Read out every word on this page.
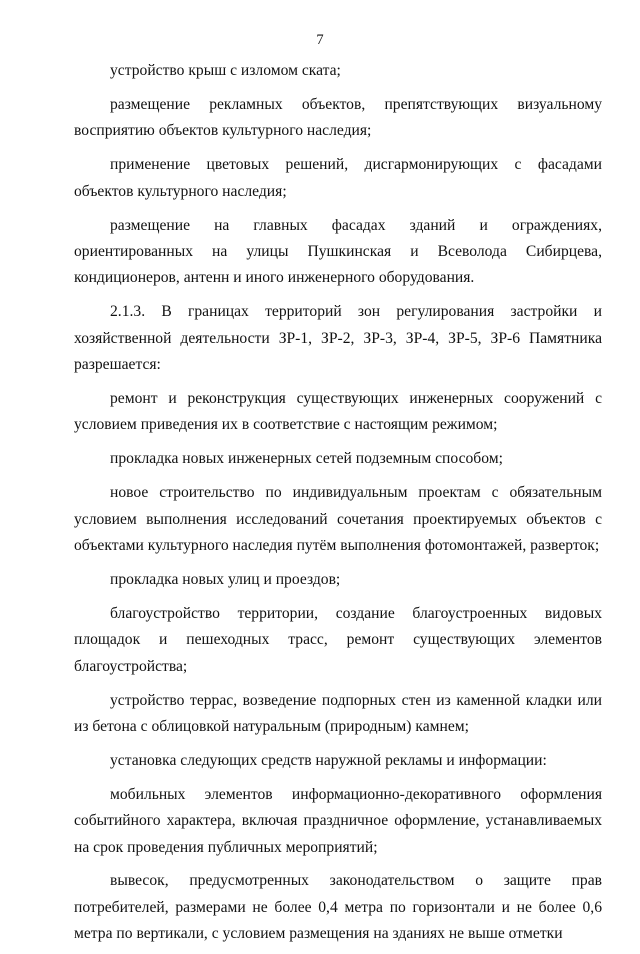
7

устройство крыш с изломом ската;

размещение рекламных объектов, препятствующих визуальному восприятию объектов культурного наследия;

применение цветовых решений, дисгармонирующих с фасадами объектов культурного наследия;

размещение на главных фасадах зданий и ограждениях, ориентированных на улицы Пушкинская и Всеволода Сибирцева, кондиционеров, антенн и иного инженерного оборудования.

2.1.3. В границах территорий зон регулирования застройки и хозяйственной деятельности ЗР-1, ЗР-2, ЗР-3, ЗР-4, ЗР-5, ЗР-6 Памятника разрешается:

ремонт и реконструкция существующих инженерных сооружений с условием приведения их в соответствие с настоящим режимом;

прокладка новых инженерных сетей подземным способом;

новое строительство по индивидуальным проектам с обязательным условием выполнения исследований сочетания проектируемых объектов с объектами культурного наследия путём выполнения фотомонтажей, разверток;

прокладка новых улиц и проездов;

благоустройство территории, создание благоустроенных видовых площадок и пешеходных трасс, ремонт существующих элементов благоустройства;

устройство террас, возведение подпорных стен из каменной кладки или из бетона с облицовкой натуральным (природным) камнем;

установка следующих средств наружной рекламы и информации:

мобильных элементов информационно-декоративного оформления событийного характера, включая праздничное оформление, устанавливаемых на срок проведения публичных мероприятий;

вывесок, предусмотренных законодательством о защите прав потребителей, размерами не более 0,4 метра по горизонтали и не более 0,6 метра по вертикали, с условием размещения на зданиях не выше отметки
